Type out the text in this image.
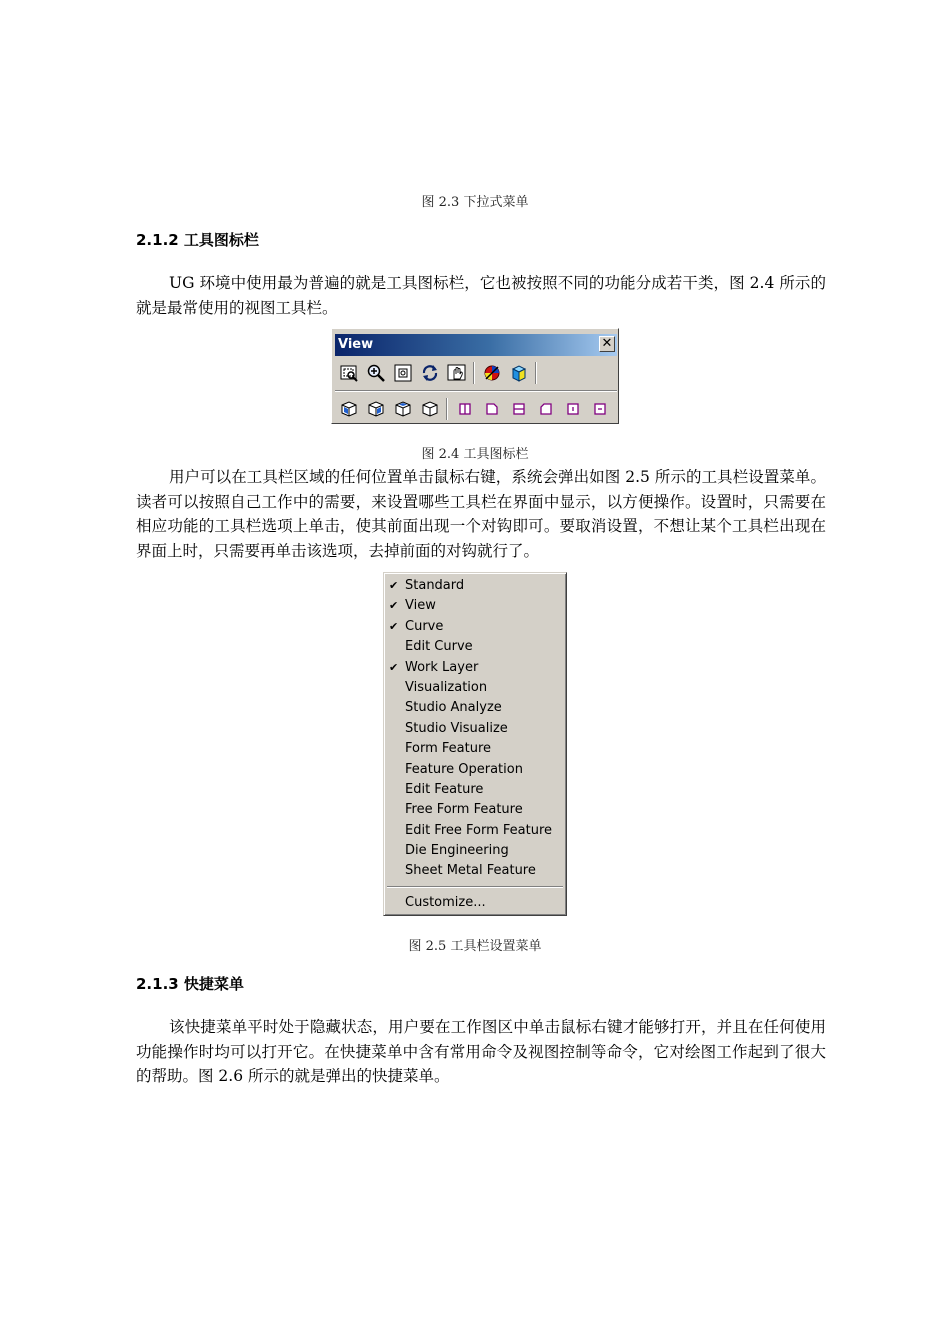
图 2.3 下拉式菜单
2.1.2 工具图标栏
UG 环境中使用最为普遍的就是工具图标栏，它也被按照不同的功能分成若干类，图 2.4 所示的就是最常使用的视图工具栏。
View	✕
图 2.4 工具图标栏
用户可以在工具栏区域的任何位置单击鼠标右键，系统会弹出如图 2.5 所示的工具栏设置菜单。读者可以按照自己工作中的需要，来设置哪些工具栏在界面中显示，以方便操作。设置时，只需要在相应功能的工具栏选项上单击，使其前面出现一个对钩即可。要取消设置，不想让某个工具栏出现在界面上时，只需要再单击该选项，去掉前面的对钩就行了。
✔ Standard
✔ View
✔ Curve
Edit Curve
✔ Work Layer
Visualization
Studio Analyze
Studio Visualize
Form Feature
Feature Operation
Edit Feature
Free Form Feature
Edit Free Form Feature
Die Engineering
Sheet Metal Feature
Customize...
图 2.5 工具栏设置菜单
2.1.3 快捷菜单
该快捷菜单平时处于隐藏状态，用户要在工作图区中单击鼠标右键才能够打开，并且在任何使用功能操作时均可以打开它。在快捷菜单中含有常用命令及视图控制等命令，它对绘图工作起到了很大的帮助。图 2.6 所示的就是弹出的快捷菜单。
